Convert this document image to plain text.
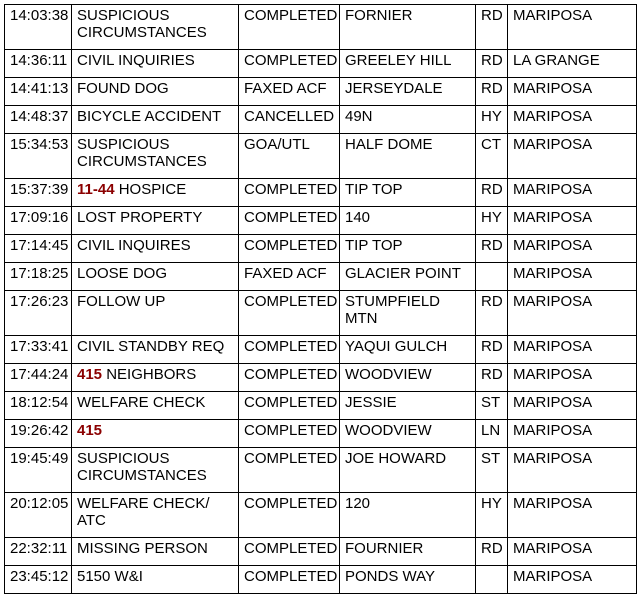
14:03:38	SUSPICIOUS
CIRCUMSTANCES	COMPLETED	FORNIER	RD	MARIPOSA
14:36:11	CIVIL INQUIRIES	COMPLETED	GREELEY HILL	RD	LA GRANGE
14:41:13	FOUND DOG	FAXED ACF	JERSEYDALE	RD	MARIPOSA
14:48:37	BICYCLE ACCIDENT	CANCELLED	49N	HY	MARIPOSA
15:34:53	SUSPICIOUS
CIRCUMSTANCES	GOA/UTL	HALF DOME	CT	MARIPOSA
15:37:39	11-44 HOSPICE	COMPLETED	TIP TOP	RD	MARIPOSA
17:09:16	LOST PROPERTY	COMPLETED	140	HY	MARIPOSA
17:14:45	CIVIL INQUIRES	COMPLETED	TIP TOP	RD	MARIPOSA
17:18:25	LOOSE DOG	FAXED ACF	GLACIER POINT		MARIPOSA
17:26:23	FOLLOW UP	COMPLETED	STUMPFIELD
MTN	RD	MARIPOSA
17:33:41	CIVIL STANDBY REQ	COMPLETED	YAQUI GULCH	RD	MARIPOSA
17:44:24	415 NEIGHBORS	COMPLETED	WOODVIEW	RD	MARIPOSA
18:12:54	WELFARE CHECK	COMPLETED	JESSIE	ST	MARIPOSA
19:26:42	415	COMPLETED	WOODVIEW	LN	MARIPOSA
19:45:49	SUSPICIOUS
CIRCUMSTANCES	COMPLETED	JOE HOWARD	ST	MARIPOSA
20:12:05	WELFARE CHECK/
ATC	COMPLETED	120	HY	MARIPOSA
22:32:11	MISSING PERSON	COMPLETED	FOURNIER	RD	MARIPOSA
23:45:12	5150 W&I	COMPLETED	PONDS WAY		MARIPOSA
